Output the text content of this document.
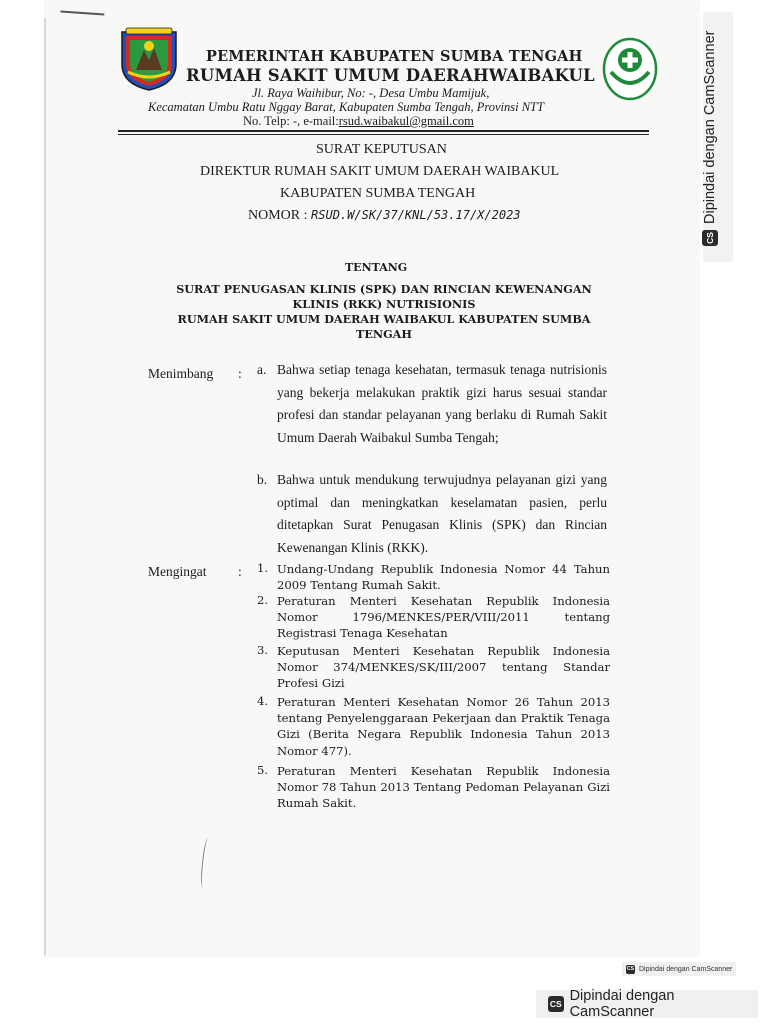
PEMERINTAH KABUPATEN SUMBA TENGAH
RUMAH SAKIT UMUM DAERAHWAIBAKUL
Jl. Raya Waihibur, No: -, Desa Umbu Mamijuk,
Kecamatan Umbu Ratu Nggay Barat, Kabupaten Sumba Tengah, Provinsi NTT
No. Telp: -, e-mail:rsud.waibakul@gmail.com
SURAT KEPUTUSAN
DIREKTUR RUMAH SAKIT UMUM DAERAH WAIBAKUL
KABUPATEN SUMBA TENGAH
NOMOR : RSUD.W/SK/37/KNL/53.17/X/2023
TENTANG
SURAT PENUGASAN KLINIS (SPK) DAN RINCIAN KEWENANGAN
KLINIS (RKK) NUTRISIONIS
RUMAH SAKIT UMUM DAERAH WAIBAKUL KABUPATEN SUMBA
TENGAH
Menimbang : a. Bahwa setiap tenaga kesehatan, termasuk tenaga nutrisionis yang bekerja melakukan praktik gizi harus sesuai standar profesi dan standar pelayanan yang berlaku di Rumah Sakit Umum Daerah Waibakul Sumba Tengah;
b. Bahwa untuk mendukung terwujudnya pelayanan gizi yang optimal dan meningkatkan keselamatan pasien, perlu ditetapkan Surat Penugasan Klinis (SPK) dan Rincian Kewenangan Klinis (RKK).
Mengingat : 1. Undang-Undang Republik Indonesia Nomor 44 Tahun 2009 Tentang Rumah Sakit.
2. Peraturan Menteri Kesehatan Republik Indonesia Nomor 1796/MENKES/PER/VIII/2011 tentang Registrasi Tenaga Kesehatan
3. Keputusan Menteri Kesehatan Republik Indonesia Nomor 374/MENKES/SK/III/2007 tentang Standar Profesi Gizi
4. Peraturan Menteri Kesehatan Nomor 26 Tahun 2013 tentang Penyelenggaraan Pekerjaan dan Praktik Tenaga Gizi (Berita Negara Republik Indonesia Tahun 2013 Nomor 477).
5. Peraturan Menteri Kesehatan Republik Indonesia Nomor 78 Tahun 2013 Tentang Pedoman Pelayanan Gizi Rumah Sakit.
CS
Dipindai dengan CamScanner
CS Dipindai dengan CamScanner
CS Dipindai dengan CamScanner
